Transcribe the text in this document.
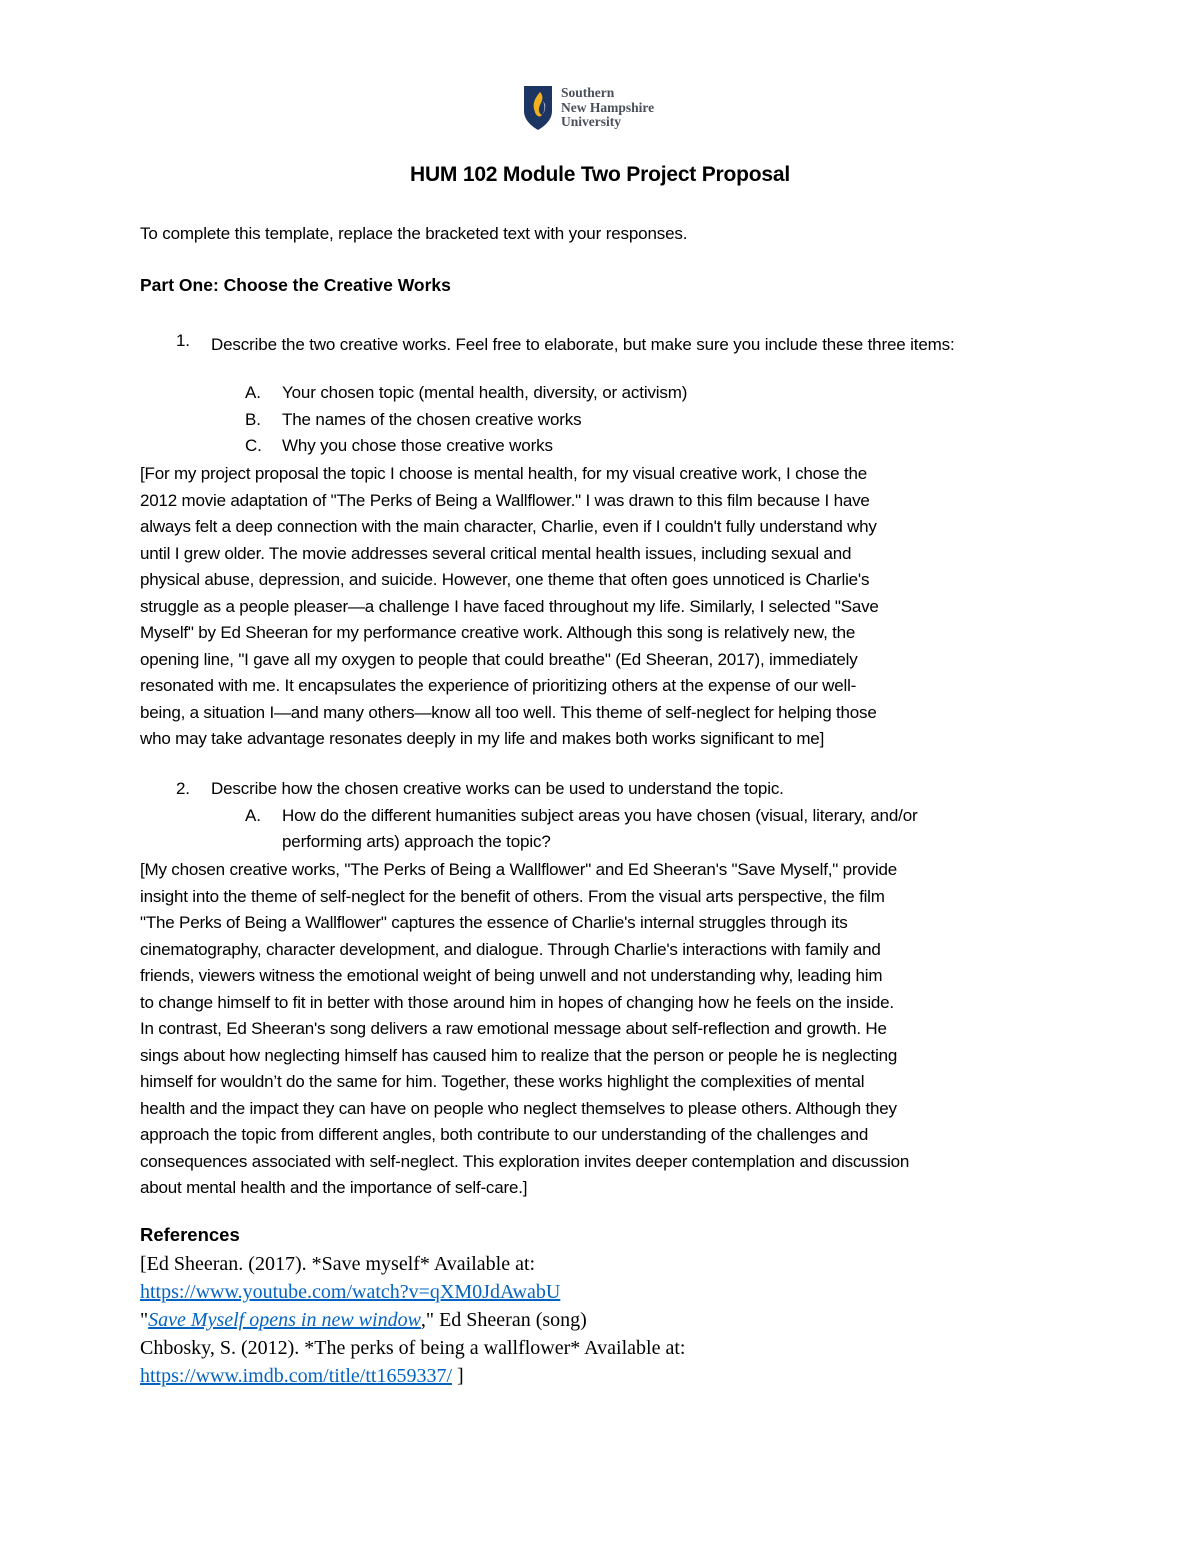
Southern
New Hampshire
University
HUM 102 Module Two Project Proposal
To complete this template, replace the bracketed text with your responses.
Part One: Choose the Creative Works
1. Describe the two creative works. Feel free to elaborate, but make sure you include these three items:
A. Your chosen topic (mental health, diversity, or activism)
B. The names of the chosen creative works
C. Why you chose those creative works
[For my project proposal the topic I choose is mental health, for my visual creative work, I chose the
2012 movie adaptation of "The Perks of Being a Wallflower." I was drawn to this film because I have
always felt a deep connection with the main character, Charlie, even if I couldn't fully understand why
until I grew older. The movie addresses several critical mental health issues, including sexual and
physical abuse, depression, and suicide. However, one theme that often goes unnoticed is Charlie's
struggle as a people pleaser—a challenge I have faced throughout my life. Similarly, I selected "Save
Myself" by Ed Sheeran for my performance creative work. Although this song is relatively new, the
opening line, "I gave all my oxygen to people that could breathe" (Ed Sheeran, 2017), immediately
resonated with me. It encapsulates the experience of prioritizing others at the expense of our well-
being, a situation I—and many others—know all too well. This theme of self-neglect for helping those
who may take advantage resonates deeply in my life and makes both works significant to me]
2. Describe how the chosen creative works can be used to understand the topic.
A. How do the different humanities subject areas you have chosen (visual, literary, and/or
performing arts) approach the topic?
[My chosen creative works, "The Perks of Being a Wallflower" and Ed Sheeran's "Save Myself," provide
insight into the theme of self-neglect for the benefit of others. From the visual arts perspective, the film
"The Perks of Being a Wallflower" captures the essence of Charlie's internal struggles through its
cinematography, character development, and dialogue. Through Charlie's interactions with family and
friends, viewers witness the emotional weight of being unwell and not understanding why, leading him
to change himself to fit in better with those around him in hopes of changing how he feels on the inside.
In contrast, Ed Sheeran's song delivers a raw emotional message about self-reflection and growth. He
sings about how neglecting himself has caused him to realize that the person or people he is neglecting
himself for wouldn’t do the same for him. Together, these works highlight the complexities of mental
health and the impact they can have on people who neglect themselves to please others. Although they
approach the topic from different angles, both contribute to our understanding of the challenges and
consequences associated with self-neglect. This exploration invites deeper contemplation and discussion
about mental health and the importance of self-care.]
References
[Ed Sheeran. (2017). *Save myself* Available at:
https://www.youtube.com/watch?v=qXM0JdAwabU
"Save Myself opens in new window," Ed Sheeran (song)
Chbosky, S. (2012). *The perks of being a wallflower* Available at:
https://www.imdb.com/title/tt1659337/ ]
